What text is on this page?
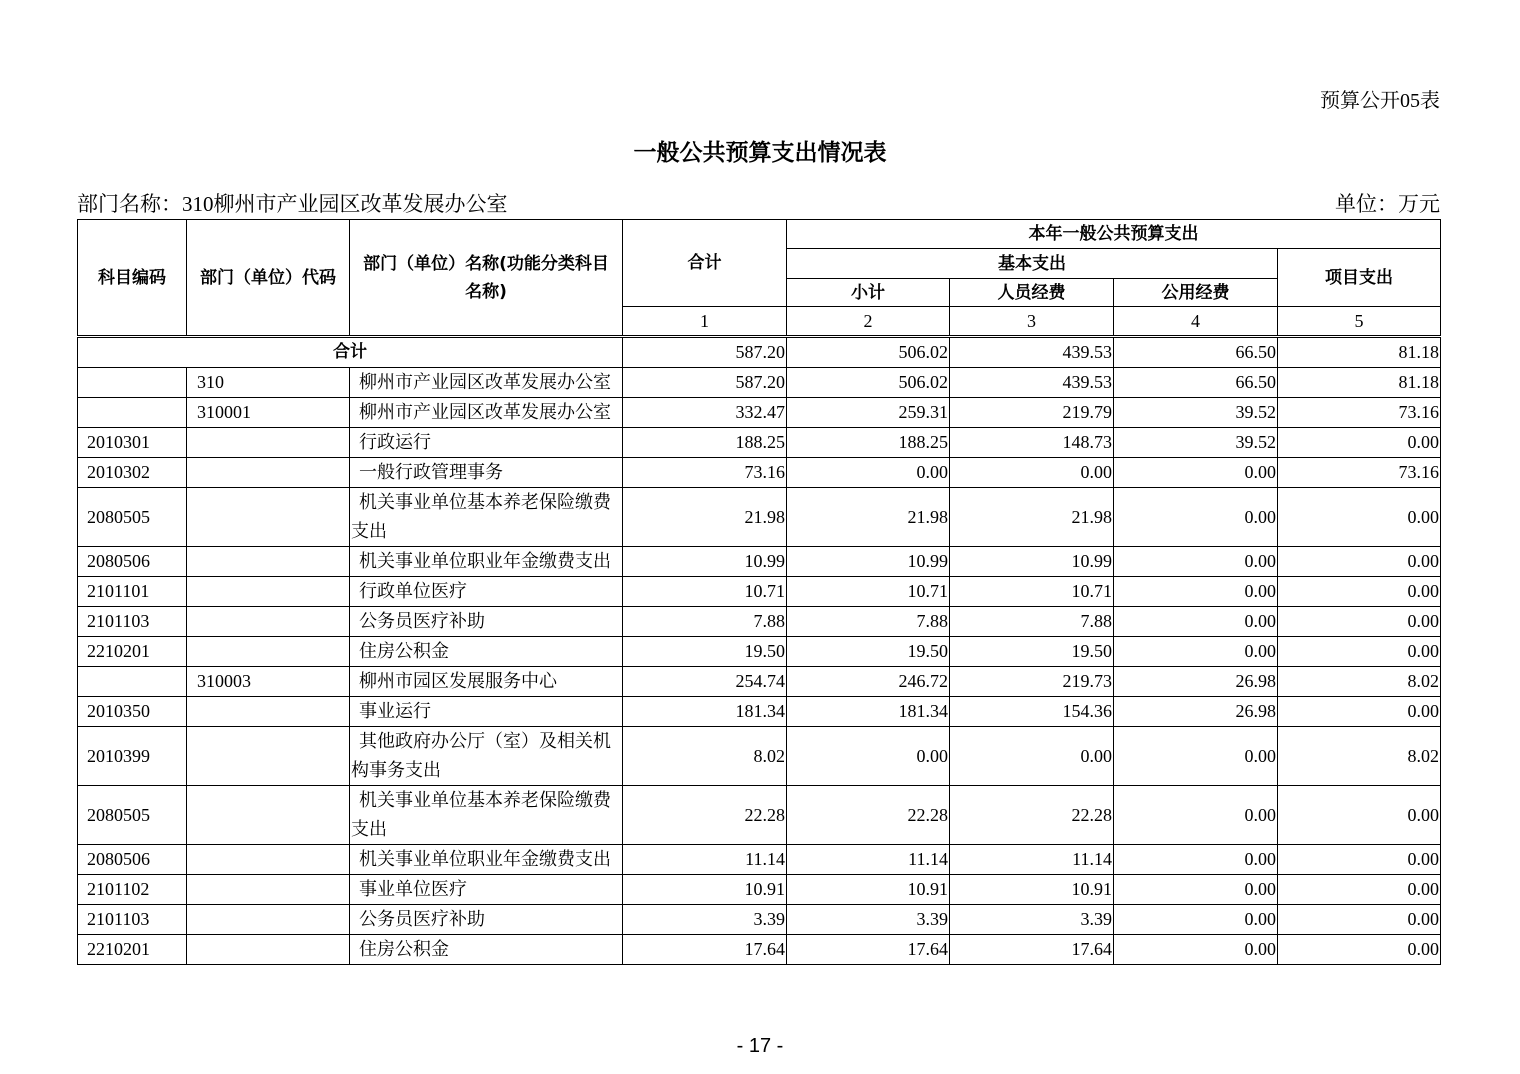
预算公开05表
一般公共预算支出情况表
部门名称：310柳州市产业园区改革发展办公室	单位：万元
科目编码	部门（单位）代码	部门（单位）名称(功能分类科目名称)	合计	本年一般公共预算支出			
				基本支出			项目支出
				小计	人员经费	公用经费	
			1	2	3	4	5
合计			587.20	506.02	439.53	66.50	81.18
	310	柳州市产业园区改革发展办公室	587.20	506.02	439.53	66.50	81.18
	310001	柳州市产业园区改革发展办公室	332.47	259.31	219.79	39.52	73.16
2010301		行政运行	188.25	188.25	148.73	39.52	0.00
2010302		一般行政管理事务	73.16	0.00	0.00	0.00	73.16
2080505		机关事业单位基本养老保险缴费支出	21.98	21.98	21.98	0.00	0.00
2080506		机关事业单位职业年金缴费支出	10.99	10.99	10.99	0.00	0.00
2101101		行政单位医疗	10.71	10.71	10.71	0.00	0.00
2101103		公务员医疗补助	7.88	7.88	7.88	0.00	0.00
2210201		住房公积金	19.50	19.50	19.50	0.00	0.00
	310003	柳州市园区发展服务中心	254.74	246.72	219.73	26.98	8.02
2010350		事业运行	181.34	181.34	154.36	26.98	0.00
2010399		其他政府办公厅（室）及相关机构事务支出	8.02	0.00	0.00	0.00	8.02
2080505		机关事业单位基本养老保险缴费支出	22.28	22.28	22.28	0.00	0.00
2080506		机关事业单位职业年金缴费支出	11.14	11.14	11.14	0.00	0.00
2101102		事业单位医疗	10.91	10.91	10.91	0.00	0.00
2101103		公务员医疗补助	3.39	3.39	3.39	0.00	0.00
2210201		住房公积金	17.64	17.64	17.64	0.00	0.00
- 17 -
